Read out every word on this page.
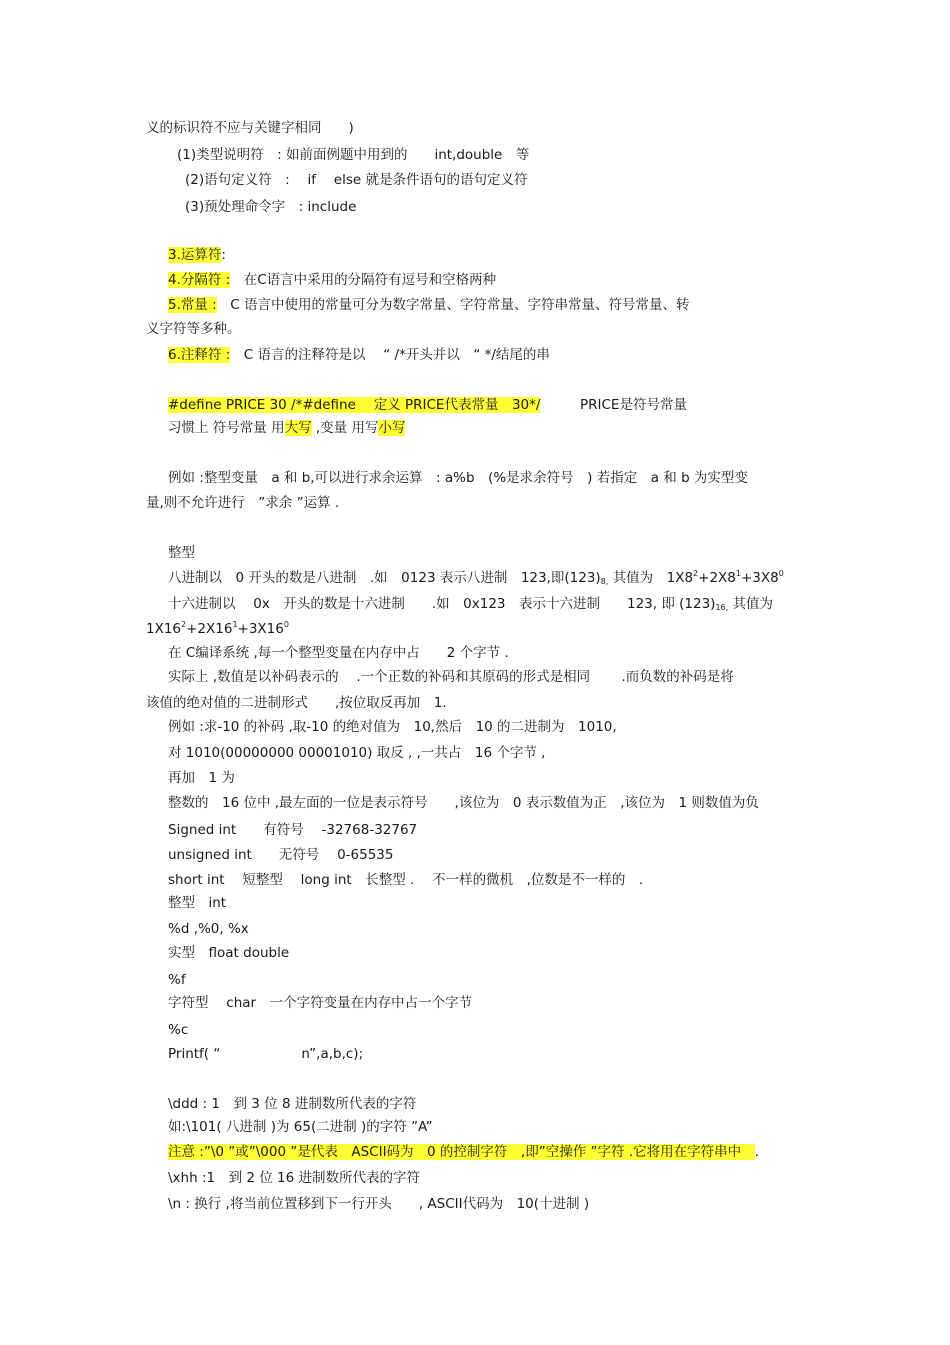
义的标识符不应与关键字相同　　)
(1)类型说明符　: 如前面例题中用到的　　int,double　等
(2)语句定义符　:　 if　 else 就是条件语句的语句定义符
(3)预处理命令字　: include
3.运算符:
4.分隔符 :　在C语言中采用的分隔符有逗号和空格两种
5.常量 :　C 语言中使用的常量可分为数字常量、字符常量、字符串常量、符号常量、转
义字符等多种。
6.注释符 :　C 语言的注释符是以　 “ /*开头并以　“ */结尾的串
#define PRICE 30 /*#define　 定义 PRICE代表常量　30*/	PRICE是符号常量
习惯上 符号常量 用大写 ,变量 用写小写
例如 :整型变量　a 和 b,可以进行求余运算　: a%b　(%是求余符号　) 若指定　a 和 b 为实型变
量,则不允许进行　”求余 ”运算 .
整型
八进制以　0 开头的数是八进制　.如　0123 表示八进制　123,即$(123)_{8,}$ 其值为　$1X8^2+2X8^1+3X8^0$
十六进制以　 0x　开头的数是十六进制　　.如　0x123　表示十六进制　　123, 即 $(123)_{16,}$ 其值为
$1X16^2+2X16^1+3X16^0$
在 C编译系统 ,每一个整型变量在内存中占　　2 个字节 .
实际上 ,数值是以补码表示的　 .一个正数的补码和其原码的形式是相同　　 .而负数的补码是将
该值的绝对值的二进制形式　　,按位取反再加　1.
例如 :求-10 的补码 ,取-10 的绝对值为　10,然后　10 的二进制为　1010,
对 1010(00000000 00001010) 取反 , ,一共占　16 个字节 ,
再加　1 为
整数的　16 位中 ,最左面的一位是表示符号　　,该位为　0 表示数值为正　,该位为　1 则数值为负
Signed int　　有符号　 -32768-32767
unsigned int　　无符号　 0-65535
short int　 短整型　 long int　长整型 .　 不一样的微机　,位数是不一样的　.
整型　int
%d ,%0, %x
实型　float double
%f
字符型　 char　一个字符变量在内存中占一个字节
%c
Printf( “　　　　　　n”,a,b,c);
\ddd : 1　到 3 位 8 进制数所代表的字符
如:\101( 八进制 )为 65(二进制 )的字符 ”A”
注意 :”\0 ”或”\000 ”是代表　ASCII码为　0 的控制字符　,即”空操作 ”字符 .它将用在字符串中　.
\xhh :1　到 2 位 16 进制数所代表的字符
\n : 换行 ,将当前位置移到下一行开头　　, ASCII代码为　10(十进制 )
